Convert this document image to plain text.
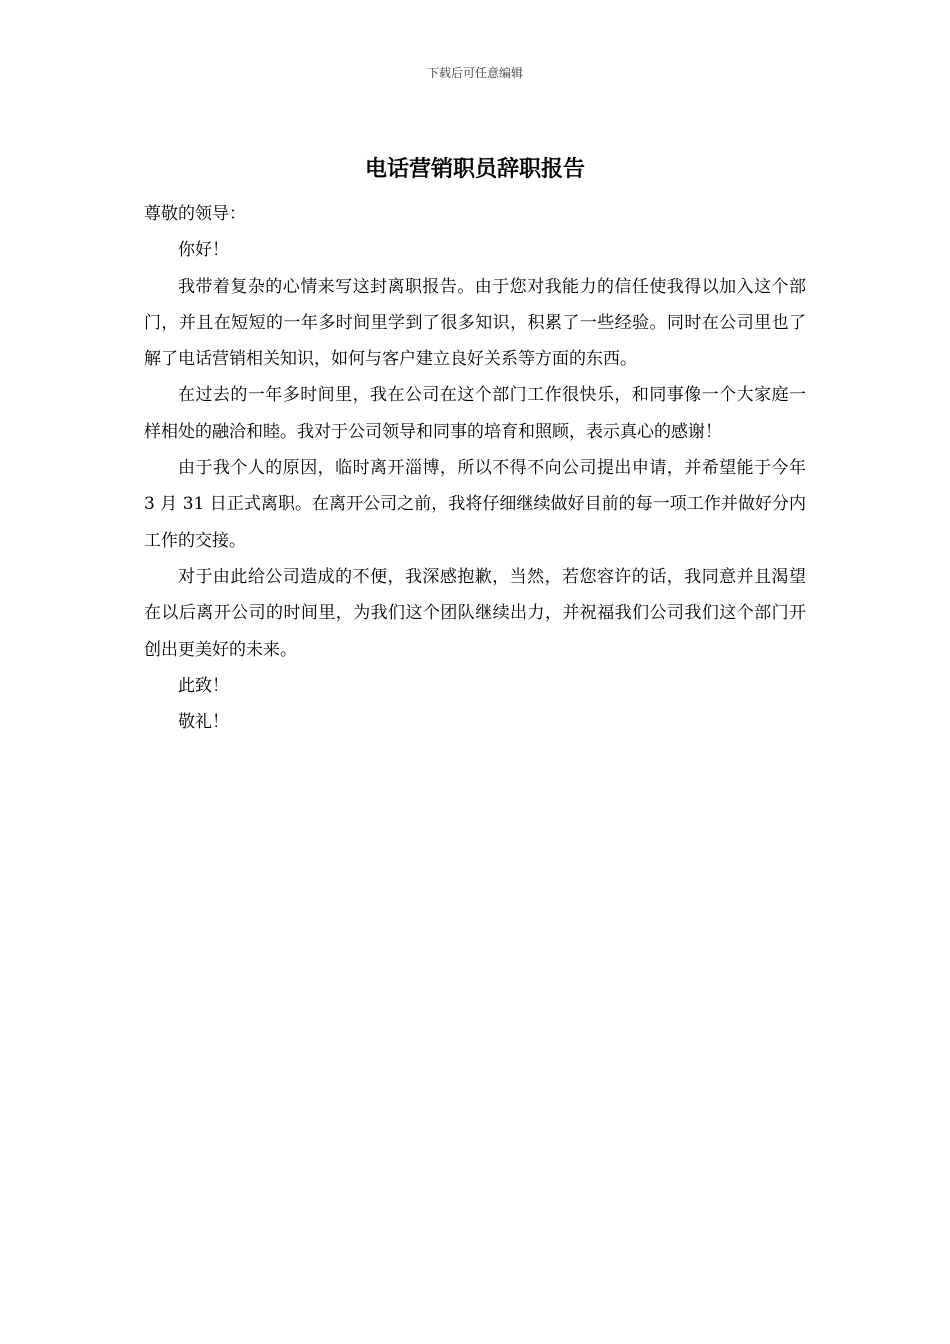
下载后可任意编辑
电话营销职员辞职报告

尊敬的领导：

你好！

我带着复杂的心情来写这封离职报告。由于您对我能力的信任使我得以加入这个部门，并且在短短的一年多时间里学到了很多知识，积累了一些经验。同时在公司里也了解了电话营销相关知识，如何与客户建立良好关系等方面的东西。

在过去的一年多时间里，我在公司在这个部门工作很快乐，和同事像一个大家庭一样相处的融洽和睦。我对于公司领导和同事的培育和照顾，表示真心的感谢！

由于我个人的原因，临时离开淄博，所以不得不向公司提出申请，并希望能于今年 3 月 31 日正式离职。在离开公司之前，我将仔细继续做好目前的每一项工作并做好分内工作的交接。

对于由此给公司造成的不便，我深感抱歉，当然，若您容许的话，我同意并且渴望在以后离开公司的时间里，为我们这个团队继续出力，并祝福我们公司我们这个部门开创出更美好的未来。

此致！

敬礼！
